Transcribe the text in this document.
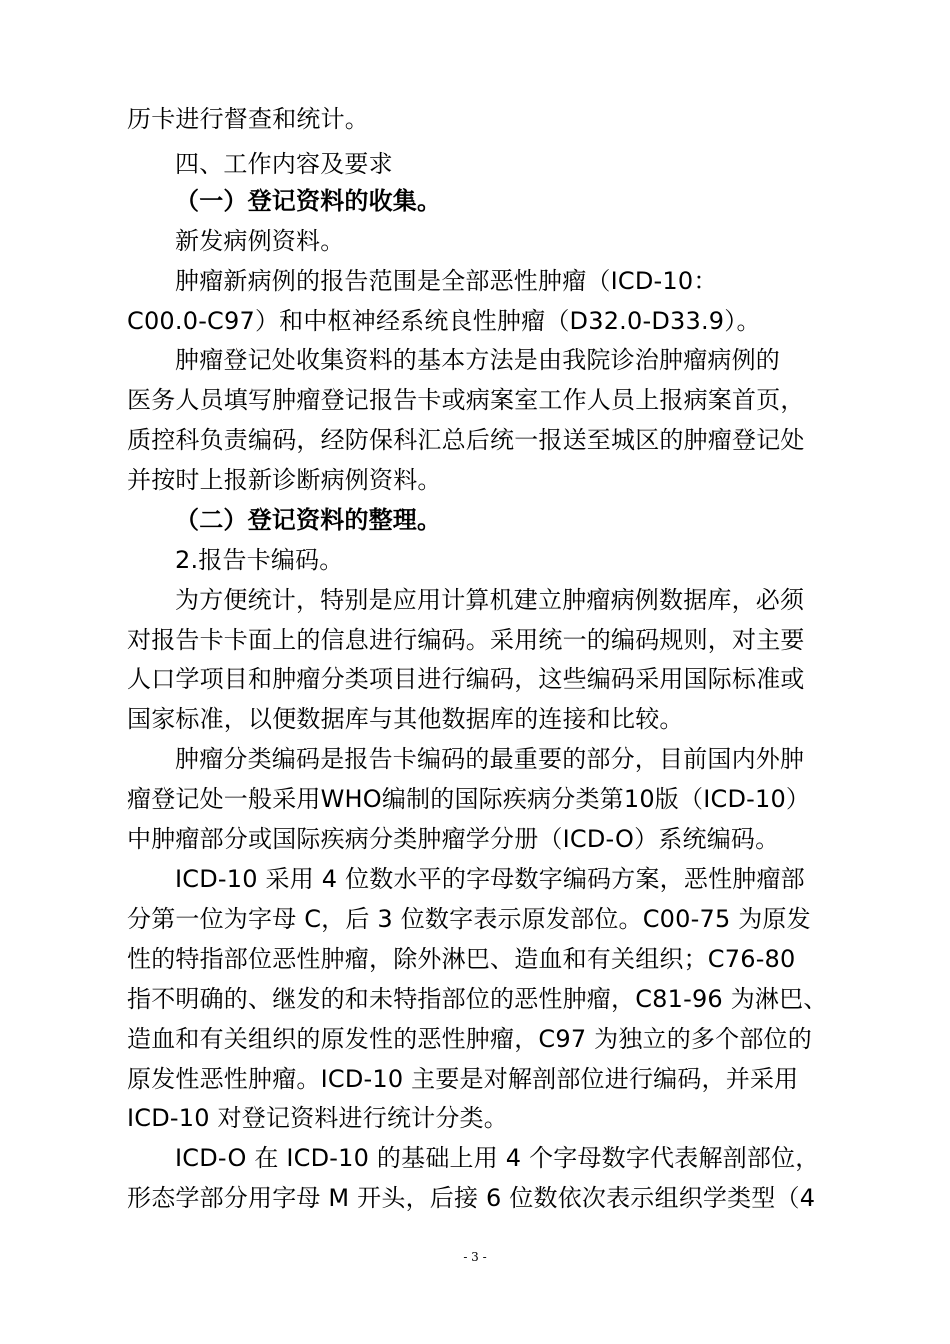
历卡进行督查和统计。
四、工作内容及要求
（一）登记资料的收集。
新发病例资料。
肿瘤新病例的报告范围是全部恶性肿瘤（ICD-10：
C00.0-C97）和中枢神经系统良性肿瘤（D32.0-D33.9）。
肿瘤登记处收集资料的基本方法是由我院诊治肿瘤病例的
医务人员填写肿瘤登记报告卡或病案室工作人员上报病案首页，
质控科负责编码，经防保科汇总后统一报送至城区的肿瘤登记处
并按时上报新诊断病例资料。
（二）登记资料的整理。
2.报告卡编码。
为方便统计，特别是应用计算机建立肿瘤病例数据库，必须
对报告卡卡面上的信息进行编码。采用统一的编码规则，对主要
人口学项目和肿瘤分类项目进行编码，这些编码采用国际标准或
国家标准，以便数据库与其他数据库的连接和比较。
肿瘤分类编码是报告卡编码的最重要的部分，目前国内外肿
瘤登记处一般采用WHO编制的国际疾病分类第10版（ICD-10）
中肿瘤部分或国际疾病分类肿瘤学分册（ICD-O）系统编码。
ICD-10 采用 4 位数水平的字母数字编码方案，恶性肿瘤部
分第一位为字母 C，后 3 位数字表示原发部位。C00-75 为原发
性的特指部位恶性肿瘤，除外淋巴、造血和有关组织；C76-80
指不明确的、继发的和未特指部位的恶性肿瘤，C81-96 为淋巴、
造血和有关组织的原发性的恶性肿瘤，C97 为独立的多个部位的
原发性恶性肿瘤。ICD-10 主要是对解剖部位进行编码，并采用
ICD-10 对登记资料进行统计分类。
ICD-O 在 ICD-10 的基础上用 4 个字母数字代表解剖部位，
形态学部分用字母 M 开头，后接 6 位数依次表示组织学类型（4
- 3 -
